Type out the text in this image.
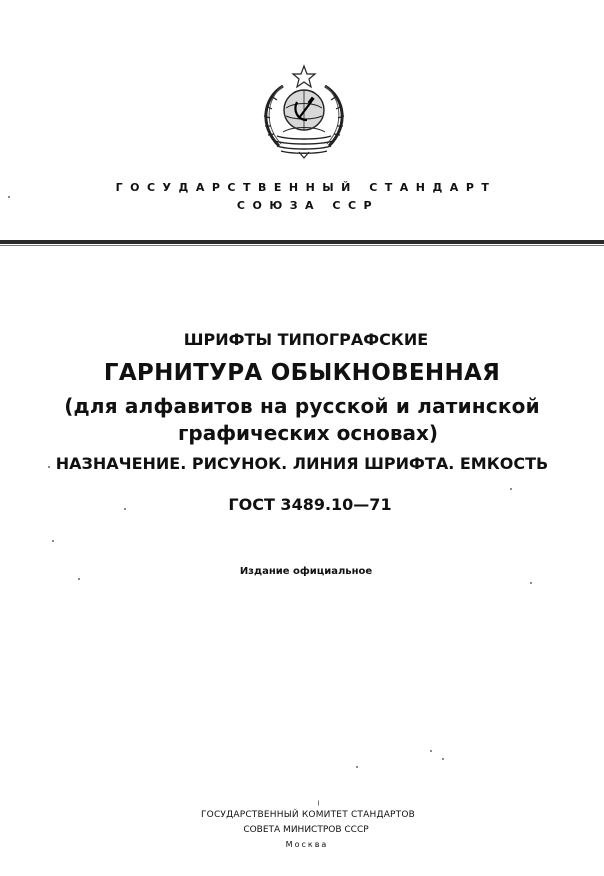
ГОСУДАРСТВЕННЫЙ СТАНДАРТ
СОЮЗА ССР
ШРИФТЫ ТИПОГРАФСКИЕ
ГАРНИТУРА ОБЫКНОВЕННАЯ
(для алфавитов на русской и латинской
графических основах)
НАЗНАЧЕНИЕ. РИСУНОК. ЛИНИЯ ШРИФТА. ЕМКОСТЬ
ГОСТ 3489.10—71
Издание официальное
ГОСУДАРСТВЕННЫЙ КОМИТЕТ СТАНДАРТОВ
СОВЕТА МИНИСТРОВ СССР
Москва
